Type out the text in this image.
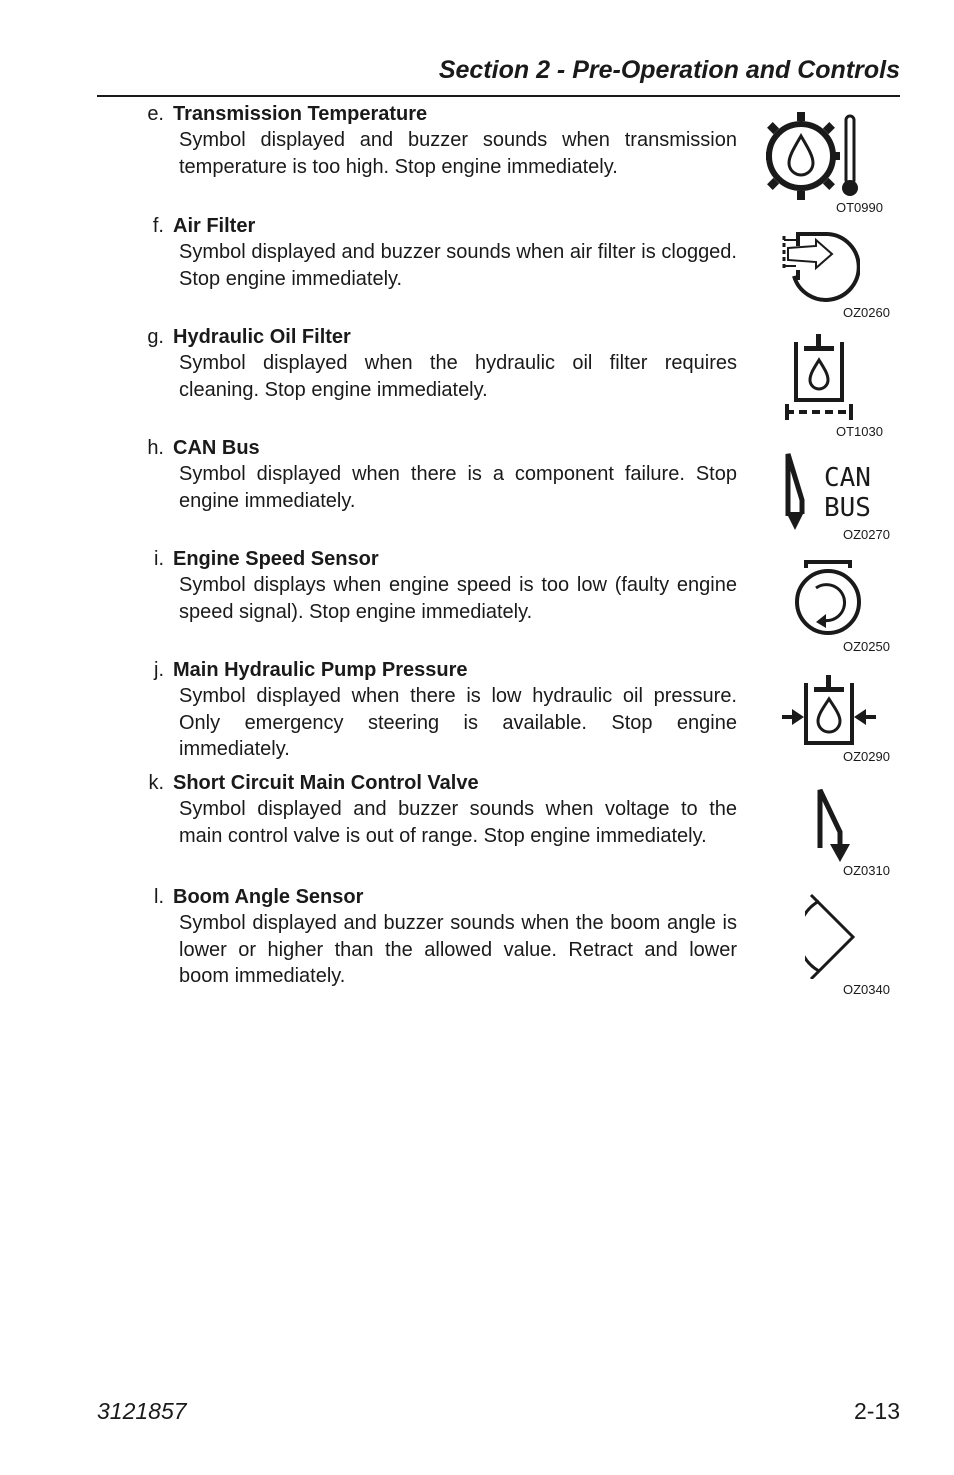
Section 2 - Pre-Operation and Controls
e. Transmission Temperature

Symbol displayed and buzzer sounds when transmission temperature is too high. Stop engine immediately.

OT0990
f. Air Filter

Symbol displayed and buzzer sounds when air filter is clogged. Stop engine immediately.

OZ0260
g. Hydraulic Oil Filter

Symbol displayed when the hydraulic oil filter requires cleaning. Stop engine immediately.

OT1030
h. CAN Bus

Symbol displayed when there is a component failure. Stop engine immediately.

CAN
BUS
OZ0270
i. Engine Speed Sensor

Symbol displays when engine speed is too low (faulty engine speed signal). Stop engine immediately.

OZ0250
j. Main Hydraulic Pump Pressure

Symbol displayed when there is low hydraulic oil pressure. Only emergency steering is available. Stop engine immediately.	OZ0290
k. Short Circuit Main Control Valve

Symbol displayed and buzzer sounds when voltage to the main control valve is out of range. Stop engine immediately.

OZ0310
l. Boom Angle Sensor

Symbol displayed and buzzer sounds when the boom angle is lower or higher than the allowed value. Retract and lower boom immediately.

OZ0340
3121857	2-13
